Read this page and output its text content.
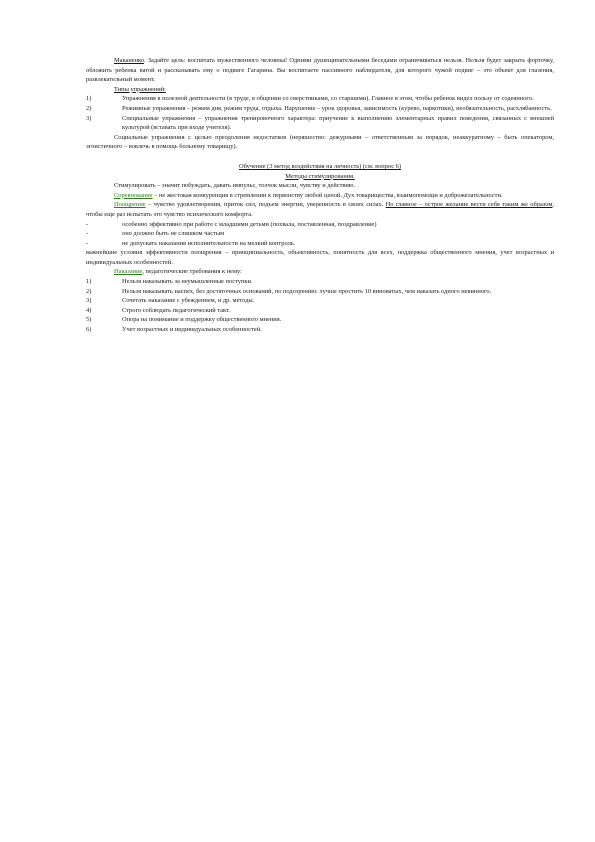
Маканенко. Задайте цель: воспитать мужественного человека! Одними душещипательными беседами ограничиваться нельзя. Нельзя будет закрыть форточку, обложить ребенка ватой и рассказывать ему о подвиге Гагарина. Вы воспитаете пассивного наблюдателя, для которого чужой подвиг – это объект для глазения, развлекательный момент.

Типы упражнений:

1)	Упражнения в полезной деятельности (в труде, в общении со сверстниками, со старшими). Главное в этом, чтобы ребенок видел пользу от содеянного.
2)	Режимные упражнения – режим дня, режим труда, отдыха. Нарушение – урок здоровья, зависимость (курево, наркотики), необязательность, расхлябанность.
3)	Специальные упражнения – упражнения тренировочного характера: приучение к выполнению элементарных правил поведения, связанных с внешней культурой (вставать при входе учителя).

Социальные упражнения с целью преодоления недостатков (неряшество: дежурными – ответственным за порядок, неаккуратному – быть опекатором, эгоистичного – вовлечь в помощь больному товарищу).

Обучение (3 метод воздействия на личность) (см. вопрос 6)

Методы стимулирования.

Стимулировать – значит побуждать, давать импульс, толчок мысли, чувству и действию.

Соревнование – не жестокая конкуренция в стремлении к первенству любой ценой. Дух товарищества, взаимопомощи и доброжелательности.

Поощрение – чувство удовлетворения, приток сил, подъем энергии, уверенность в своих силах. Но главное – острое желание вести себя таким же образом, чтобы еще раз испытать это чувство психического комфорта.

-	особенно эффективно при работе с младшими детьми (похвала, поставленная, поздравление)
-	оно должно быть не слишком частым
-	не допускать наказания исполнительности на мелкий контроль.

важнейшие условия эффективности поощрения – принципиальность, объективность, понятность для всех, поддержка общественного мнения, учет возрастных и индивидуальных особенностей.

Наказание, педагогические требования к нему:

1)	Нельзя наказывать за неумышленные поступки.
2)	Нельзя наказывать наспех, без достаточных оснований, по подозрению: лучше простить 10 виноватых, чем наказать одного невинного.
3)	Сочетать наказание с убеждением, и др. методы.
4)	Строго соблюдать педагогический такт.
5)	Опора на понимание и поддержку общественного мнения.
6)	Учет возрастных и индивидуальных особенностей.
